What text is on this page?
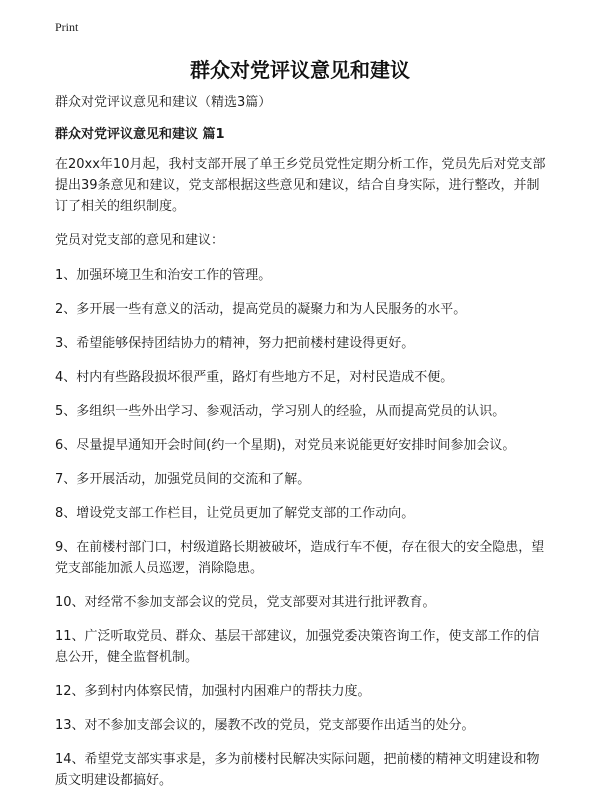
Print
群众对党评议意见和建议

群众对党评议意见和建议（精选3篇）

群众对党评议意见和建议 篇1

在20xx年10月起，我村支部开展了单王乡党员党性定期分析工作，党员先后对党支部提出39条意见和建议，党支部根据这些意见和建议，结合自身实际，进行整改，并制订了相关的组织制度。

党员对党支部的意见和建议：

1、加强环境卫生和治安工作的管理。

2、多开展一些有意义的活动，提高党员的凝聚力和为人民服务的水平。

3、希望能够保持团结协力的精神，努力把前楼村建设得更好。

4、村内有些路段损坏很严重，路灯有些地方不足，对村民造成不便。

5、多组织一些外出学习、参观活动，学习别人的经验，从而提高党员的认识。

6、尽量提早通知开会时间(约一个星期)，对党员来说能更好安排时间参加会议。

7、多开展活动，加强党员间的交流和了解。

8、增设党支部工作栏目，让党员更加了解党支部的工作动向。

9、在前楼村部门口，村级道路长期被破坏，造成行车不便，存在很大的安全隐患，望党支部能加派人员巡逻，消除隐患。

10、对经常不参加支部会议的党员，党支部要对其进行批评教育。

11、广泛听取党员、群众、基层干部建议，加强党委决策咨询工作，使支部工作的信息公开，健全监督机制。

12、多到村内体察民情，加强村内困难户的帮扶力度。

13、对不参加支部会议的，屡教不改的党员，党支部要作出适当的处分。

14、希望党支部实事求是，多为前楼村民解决实际问题，把前楼的精神文明建设和物质文明建设都搞好。
